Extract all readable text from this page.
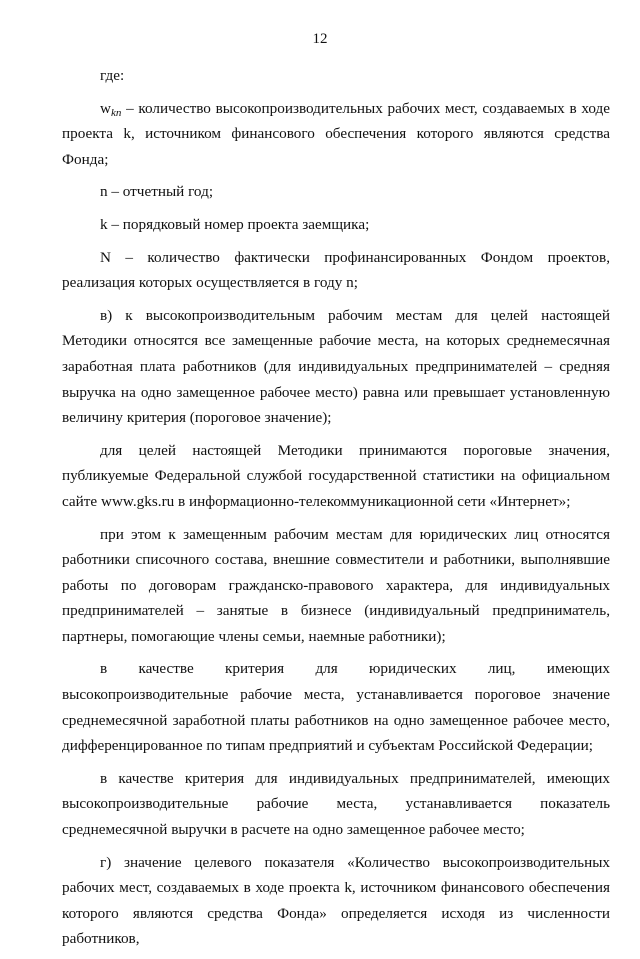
12

где:

$w_{kn}$ – количество высокопроизводительных рабочих мест, создаваемых в ходе проекта k, источником финансового обеспечения которого являются средства Фонда;

n – отчетный год;

k – порядковый номер проекта заемщика;

N – количество фактически профинансированных Фондом проектов, реализация которых осуществляется в году n;

в) к высокопроизводительным рабочим местам для целей настоящей Методики относятся все замещенные рабочие места, на которых среднемесячная заработная плата работников (для индивидуальных предпринимателей – средняя выручка на одно замещенное рабочее место) равна или превышает установленную величину критерия (пороговое значение);

для целей настоящей Методики принимаются пороговые значения, публикуемые Федеральной службой государственной статистики на официальном сайте www.gks.ru в информационно-телекоммуникационной сети «Интернет»;

при этом к замещенным рабочим местам для юридических лиц относятся работники списочного состава, внешние совместители и работники, выполнявшие работы по договорам гражданско-правового характера, для индивидуальных предпринимателей – занятые в бизнесе (индивидуальный предприниматель, партнеры, помогающие члены семьи, наемные работники);

в качестве критерия для юридических лиц, имеющих высокопроизводительные рабочие места, устанавливается пороговое значение среднемесячной заработной платы работников на одно замещенное рабочее место, дифференцированное по типам предприятий и субъектам Российской Федерации;

в качестве критерия для индивидуальных предпринимателей, имеющих высокопроизводительные рабочие места, устанавливается показатель среднемесячной выручки в расчете на одно замещенное рабочее место;

г) значение целевого показателя «Количество высокопроизводительных рабочих мест, создаваемых в ходе проекта k, источником финансового обеспечения которого являются средства Фонда» определяется исходя из численности работников,
